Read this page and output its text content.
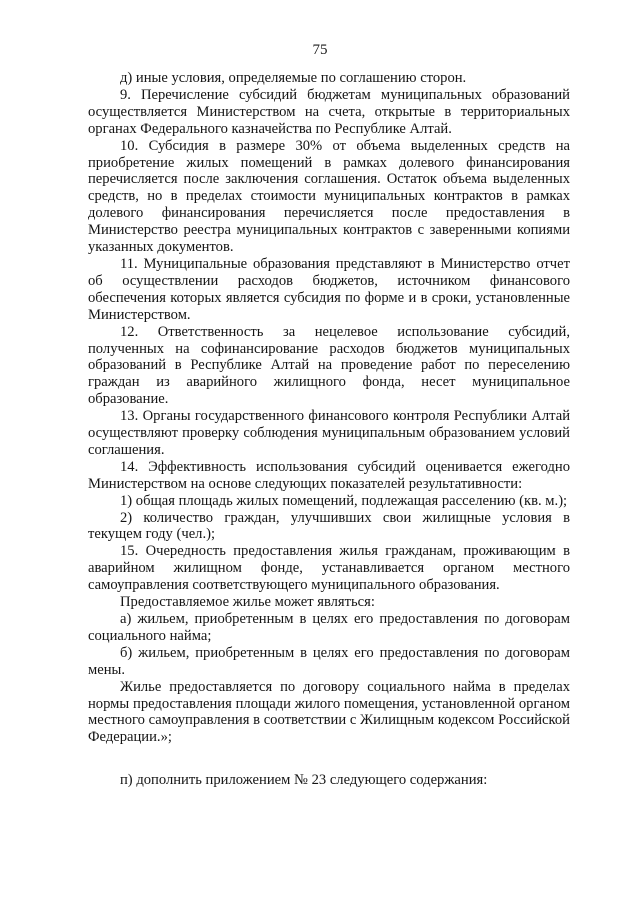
75

д) иные условия, определяемые по соглашению сторон.

9. Перечисление субсидий бюджетам муниципальных образований осуществляется Министерством на счета, открытые в территориальных органах Федерального казначейства по Республике Алтай.

10. Субсидия в размере 30% от объема выделенных средств на приобретение жилых помещений в рамках долевого финансирования перечисляется после заключения соглашения. Остаток объема выделенных средств, но в пределах стоимости муниципальных контрактов в рамках долевого финансирования перечисляется после предоставления в Министерство реестра муниципальных контрактов с заверенными копиями указанных документов.

11. Муниципальные образования представляют в Министерство отчет об осуществлении расходов бюджетов, источником финансового обеспечения которых является субсидия по форме и в сроки, установленные Министерством.

12. Ответственность за нецелевое использование субсидий, полученных на софинансирование расходов бюджетов муниципальных образований в Республике Алтай на проведение работ по переселению граждан из аварийного жилищного фонда, несет муниципальное образование.

13. Органы государственного финансового контроля Республики Алтай осуществляют проверку соблюдения муниципальным образованием условий соглашения.

14. Эффективность использования субсидий оценивается ежегодно Министерством на основе следующих показателей результативности:

1) общая площадь жилых помещений, подлежащая расселению (кв. м.);

2) количество граждан, улучшивших свои жилищные условия в текущем году (чел.);

15. Очередность предоставления жилья гражданам, проживающим в аварийном жилищном фонде, устанавливается органом местного самоуправления соответствующего муниципального образования.

Предоставляемое жилье может являться:

а) жильем, приобретенным в целях его предоставления по договорам социального найма;

б) жильем, приобретенным в целях его предоставления по договорам мены.

Жилье предоставляется по договору социального найма в пределах нормы предоставления площади жилого помещения, установленной органом местного самоуправления в соответствии с Жилищным кодексом Российской Федерации.»;

п) дополнить приложением № 23 следующего содержания:
